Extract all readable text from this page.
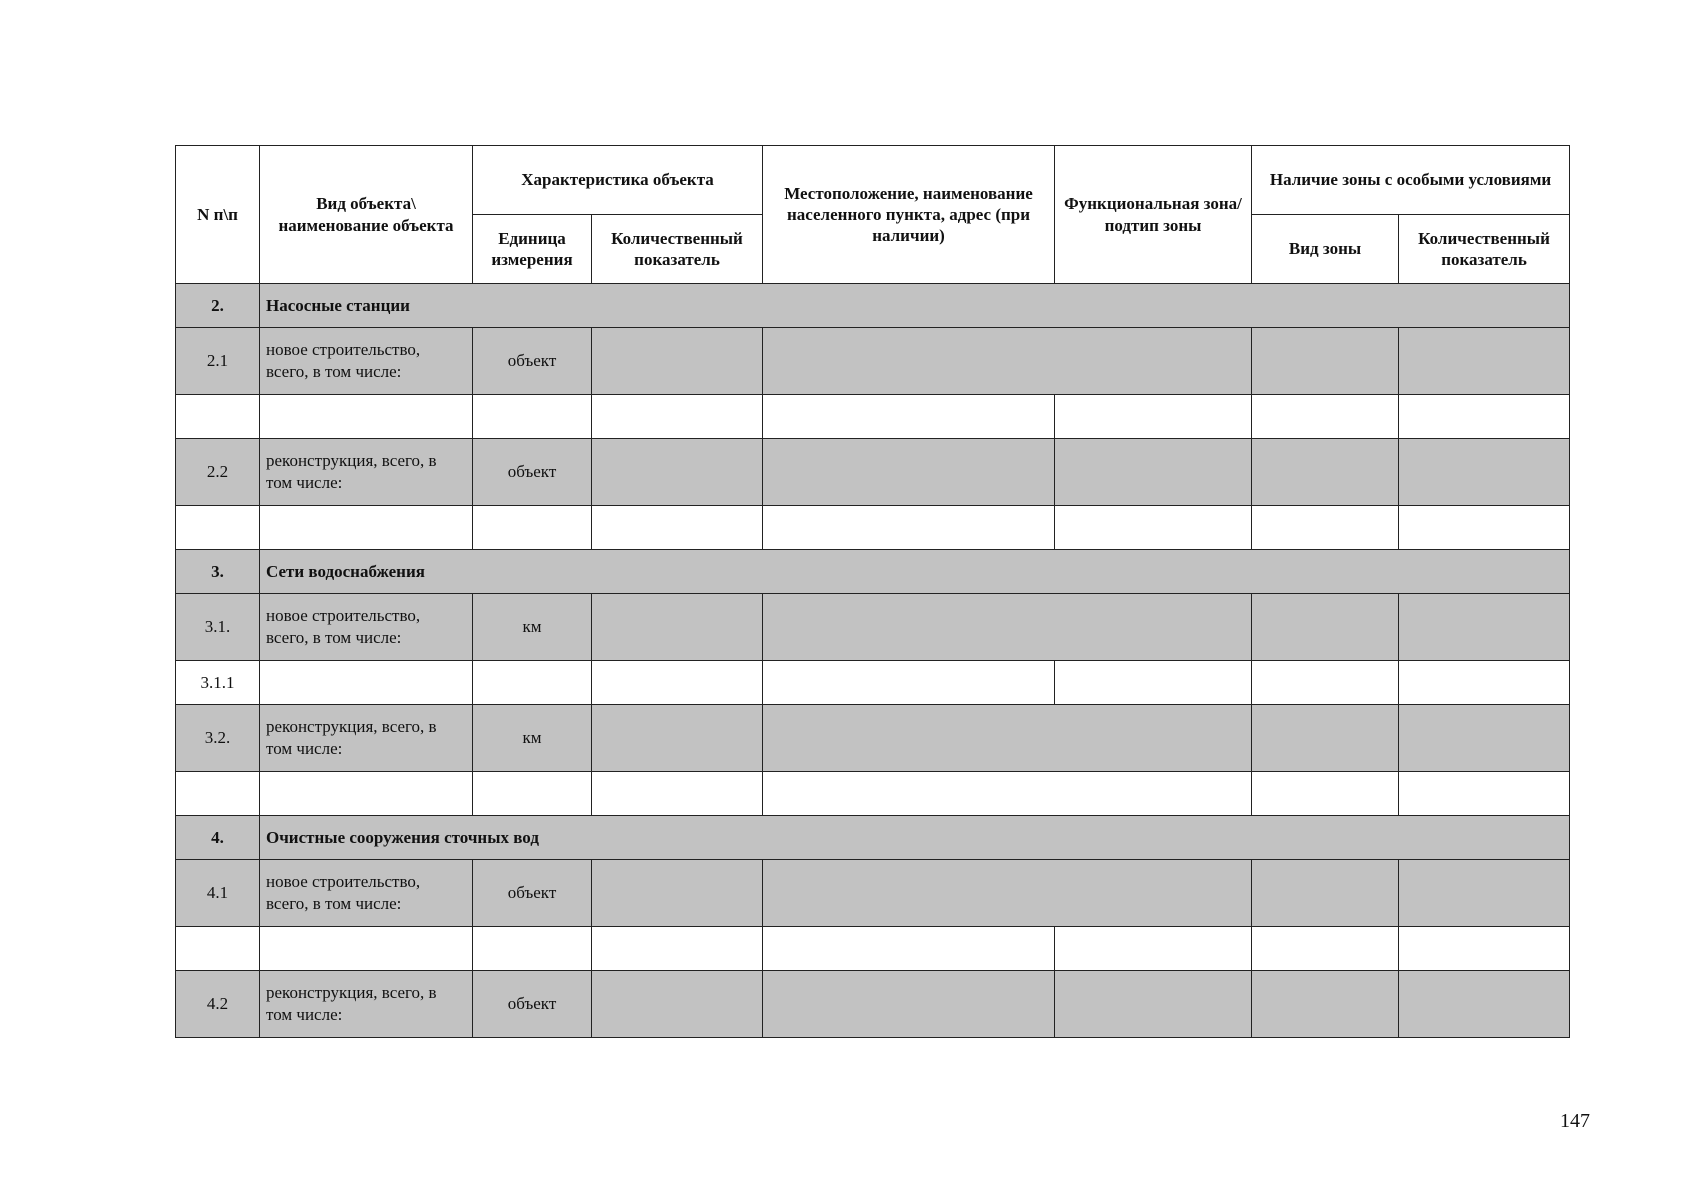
N п\п	Вид объекта\ наименование объекта	Характеристика объекта		Местоположение, наименование населенного пункта, адрес (при наличии)	Функциональная зона/ подтип зоны	Наличие зоны с особыми условиями	
		Единица измерения	Количественный показатель			Вид зоны	Количественный показатель
2.	Насосные станции						
2.1	новое строительство, всего, в том числе:	объект					

2.2	реконструкция, всего, в том числе:	объект					

3.	Сети водоснабжения						
3.1.	новое строительство, всего, в том числе:	км					
3.1.1							
3.2.	реконструкция, всего, в том числе:	км					

4.	Очистные сооружения сточных вод						
4.1	новое строительство, всего, в том числе:	объект					

4.2	реконструкция, всего, в том числе:	объект					
147
